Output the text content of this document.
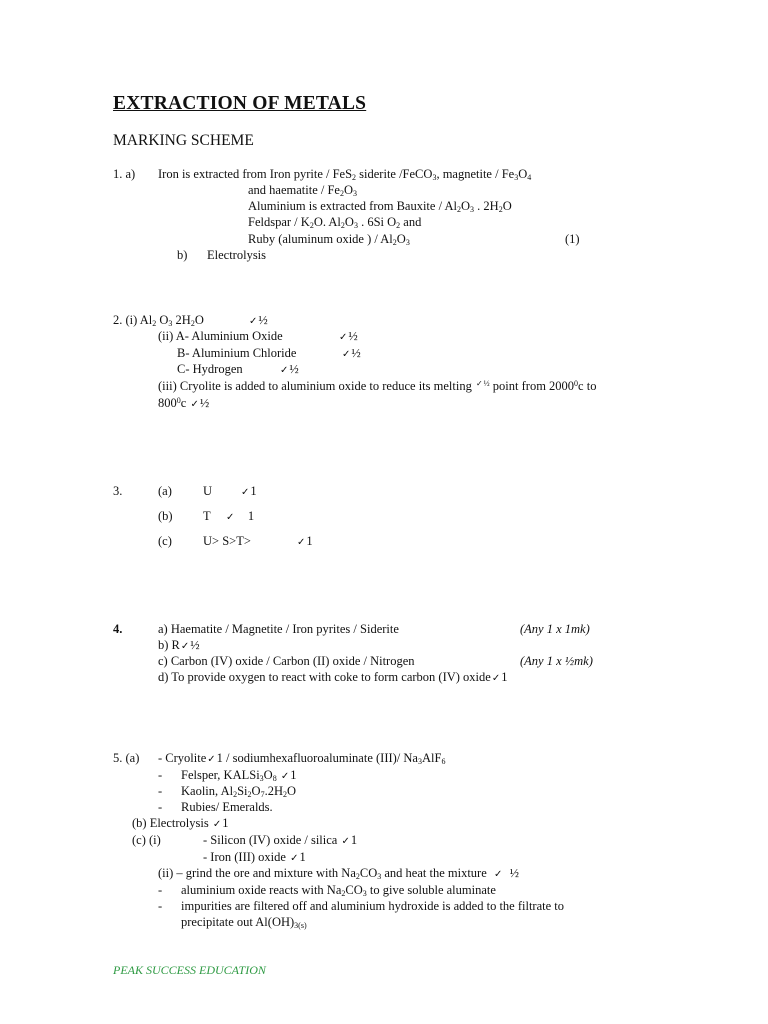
EXTRACTION OF METALS
MARKING SCHEME
1. a) Iron is extracted from Iron pyrite / FeS$_2$ siderite /FeCO$_3$, magnetite / $Fe_3O_4$
and haematite / $Fe_2O_3$
Aluminium is extracted from Bauxite / $Al_2O_3$ . $2H_2O$
Feldspar / $K_2O$. $Al_2O_3$ . 6Si $O_2$ and
Ruby (aluminum oxide ) / $Al_2O_3$	(1)
b) Electrolysis
2. (i) $Al_2$ $O_3$ $2H_2O$	✓½
(ii) A- Aluminium Oxide	✓½
B- Aluminium Chloride	✓½
C- Hydrogen	✓½
(iii) Cryolite is added to aluminium oxide to reduce its melting ✓$^{\frac{1}{2}}$ point from 2000$^0$c to
$800^0c$ ✓½
3.	(a) U	✓1
(b) T ✓ 1
(c) U> S>T>	✓1
4.	a) Haematite / Magnetite / Iron pyrites / Siderite	(Any 1 x 1mk)
b) R✓½
c) Carbon (IV) oxide / Carbon (II) oxide / Nitrogen	(Any 1 x ½mk)
d) To provide oxygen to react with coke to form carbon (IV) oxide✓1
5. (a) - Cryolite✓1 / sodiumhexafluoroaluminate (III)/ $Na_3AlF_6$
- Felsper, $KALSi_3O_8$ ✓1
- Kaolin, $Al_2Si_2O_7.2H_2O$
- Rubies/ Emeralds.
(b) Electrolysis ✓1
(c) (i)	- Silicon (IV) oxide / silica ✓1
- Iron (III) oxide ✓1
(ii) – grind the ore and mixture with $Na_2CO_3$ and heat the mixture ✓ ½
- aluminium oxide reacts with $Na_2CO_3$ to give soluble aluminate
- impurities are filtered off and aluminium hydroxide is added to the filtrate to
precipitate out $Al(OH)_{3(s)}$
PEAK SUCCESS EDUCATION
